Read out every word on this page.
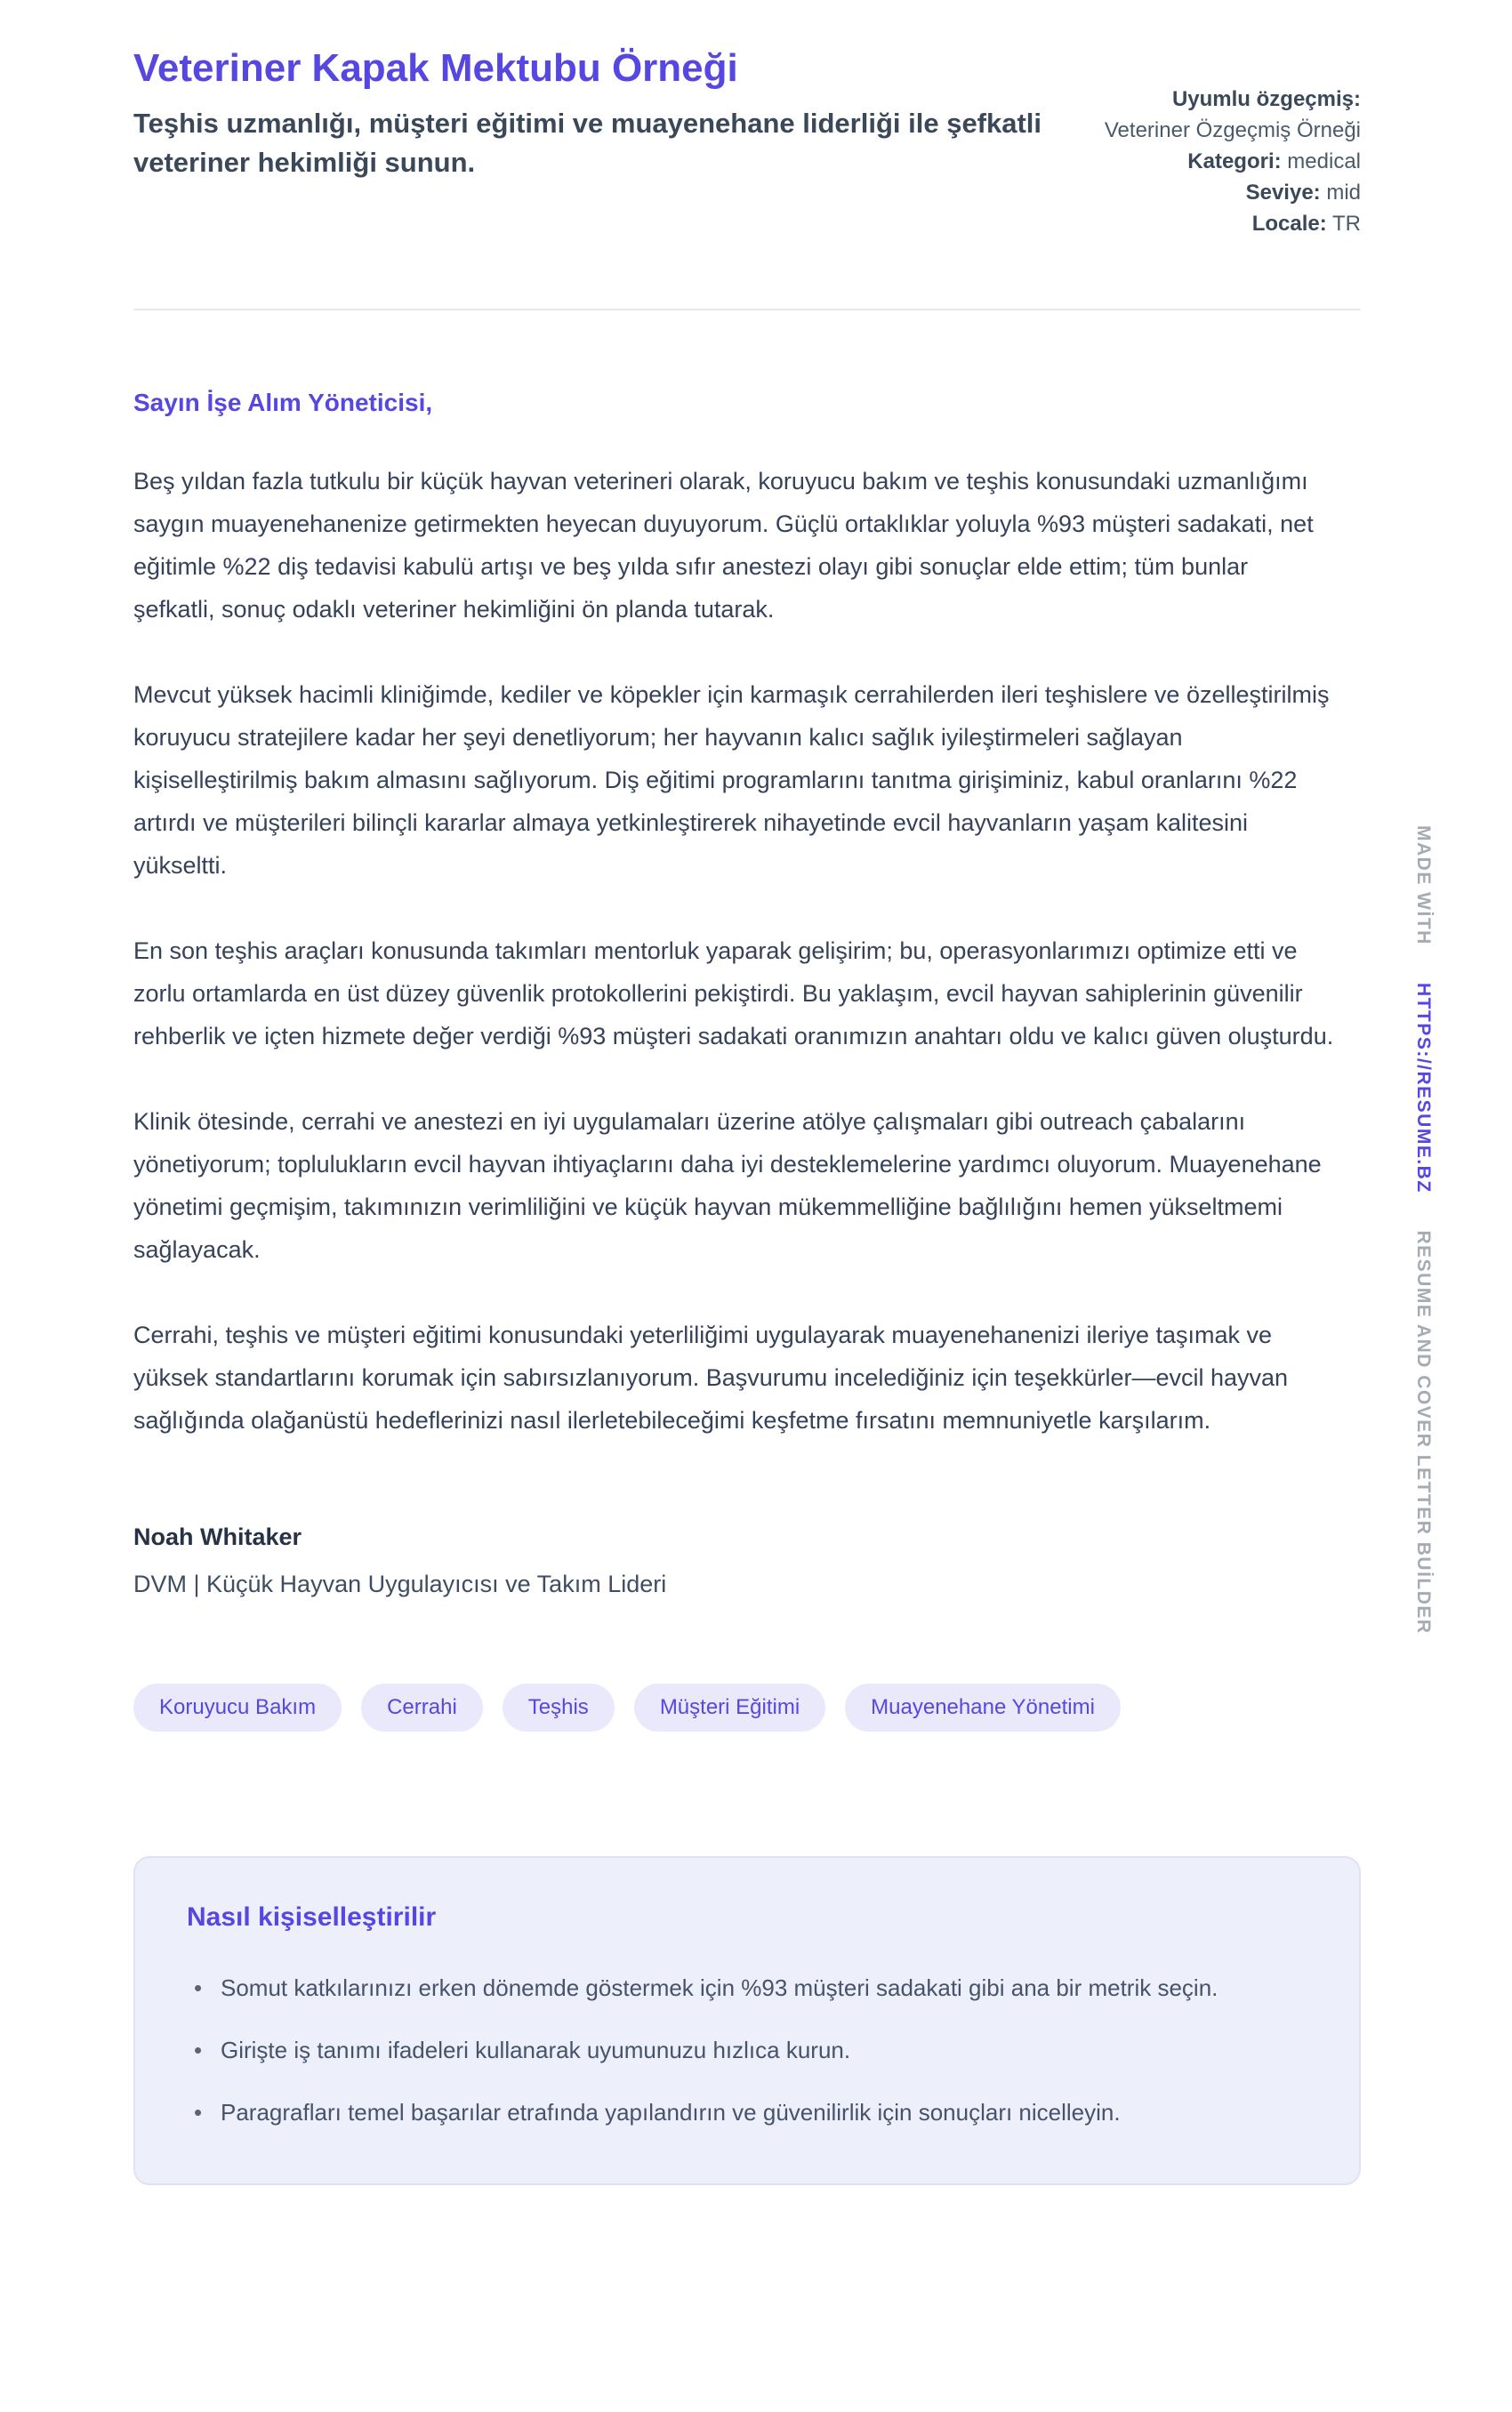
MADE WİTHHTTPS://RESUME.BZRESUME AND COVER LETTER BUİLDER
Veteriner Kapak Mektubu Örneği

Teşhis uzmanlığı, müşteri eğitimi ve muayenehane liderliği ile şefkatli veteriner hekimliği sunun.

Uyumlu özgeçmiş:
Veteriner Özgeçmiş Örneği
Kategori: medical
Seviye: mid
Locale: TR

Sayın İşe Alım Yöneticisi,

Beş yıldan fazla tutkulu bir küçük hayvan veterineri olarak, koruyucu bakım ve teşhis konusundaki uzmanlığımı saygın muayenehanenize getirmekten heyecan duyuyorum. Güçlü ortaklıklar yoluyla %93 müşteri sadakati, net eğitimle %22 diş tedavisi kabulü artışı ve beş yılda sıfır anestezi olayı gibi sonuçlar elde ettim; tüm bunlar şefkatli, sonuç odaklı veteriner hekimliğini ön planda tutarak.

Mevcut yüksek hacimli kliniğimde, kediler ve köpekler için karmaşık cerrahilerden ileri teşhislere ve özelleştirilmiş koruyucu stratejilere kadar her şeyi denetliyorum; her hayvanın kalıcı sağlık iyileştirmeleri sağlayan kişiselleştirilmiş bakım almasını sağlıyorum. Diş eğitimi programlarını tanıtma girişiminiz, kabul oranlarını %22 artırdı ve müşterileri bilinçli kararlar almaya yetkinleştirerek nihayetinde evcil hayvanların yaşam kalitesini yükseltti.

En son teşhis araçları konusunda takımları mentorluk yaparak gelişirim; bu, operasyonlarımızı optimize etti ve zorlu ortamlarda en üst düzey güvenlik protokollerini pekiştirdi. Bu yaklaşım, evcil hayvan sahiplerinin güvenilir rehberlik ve içten hizmete değer verdiği %93 müşteri sadakati oranımızın anahtarı oldu ve kalıcı güven oluşturdu.

Klinik ötesinde, cerrahi ve anestezi en iyi uygulamaları üzerine atölye çalışmaları gibi outreach çabalarını yönetiyorum; toplulukların evcil hayvan ihtiyaçlarını daha iyi desteklemelerine yardımcı oluyorum. Muayenehane yönetimi geçmişim, takımınızın verimliliğini ve küçük hayvan mükemmelliğine bağlılığını hemen yükseltmemi sağlayacak.

Cerrahi, teşhis ve müşteri eğitimi konusundaki yeterliliğimi uygulayarak muayenehanenizi ileriye taşımak ve yüksek standartlarını korumak için sabırsızlanıyorum. Başvurumu incelediğiniz için teşekkürler—evcil hayvan sağlığında olağanüstü hedeflerinizi nasıl ilerletebileceğimi keşfetme fırsatını memnuniyetle karşılarım.

Noah Whitaker

DVM | Küçük Hayvan Uygulayıcısı ve Takım Lideri

Koruyucu Bakım	Cerrahi	Teşhis	Müşteri Eğitimi	Muayenehane Yönetimi
Nasıl kişiselleştirilir
• Somut katkılarınızı erken dönemde göstermek için %93 müşteri sadakati gibi ana bir metrik seçin.
• Girişte iş tanımı ifadeleri kullanarak uyumunuzu hızlıca kurun.
• Paragrafları temel başarılar etrafında yapılandırın ve güvenilirlik için sonuçları nicelleyin.
